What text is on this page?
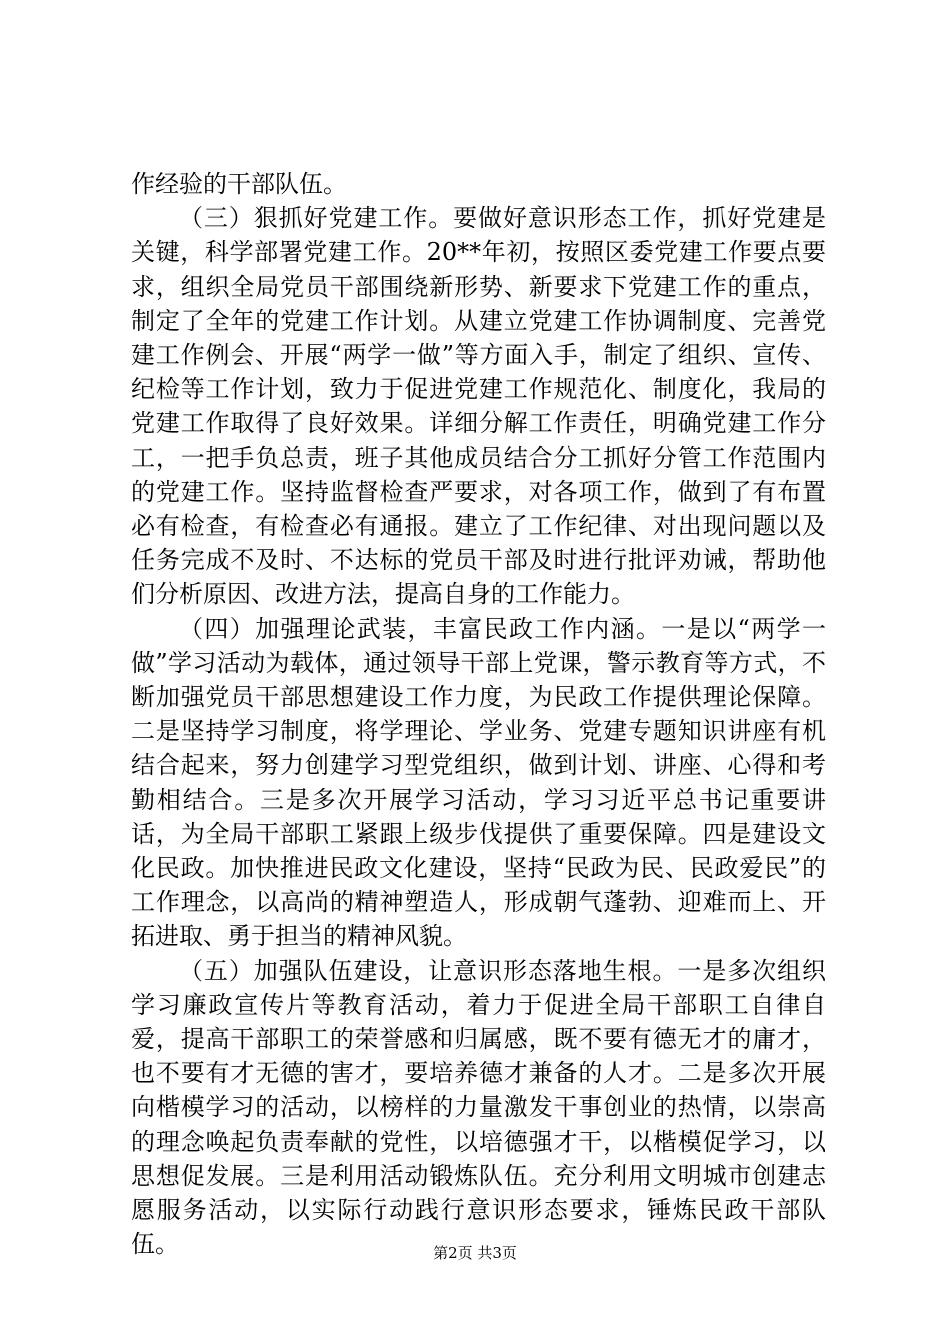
作经验的干部队伍。

（三）狠抓好党建工作。要做好意识形态工作，抓好党建是关键，科学部署党建工作。20**年初，按照区委党建工作要点要求，组织全局党员干部围绕新形势、新要求下党建工作的重点，制定了全年的党建工作计划。从建立党建工作协调制度、完善党建工作例会、开展“两学一做”等方面入手，制定了组织、宣传、纪检等工作计划，致力于促进党建工作规范化、制度化，我局的党建工作取得了良好效果。详细分解工作责任，明确党建工作分工，一把手负总责，班子其他成员结合分工抓好分管工作范围内的党建工作。坚持监督检查严要求，对各项工作，做到了有布置必有检查，有检查必有通报。建立了工作纪律、对出现问题以及任务完成不及时、不达标的党员干部及时进行批评劝诫，帮助他们分析原因、改进方法，提高自身的工作能力。

（四）加强理论武装，丰富民政工作内涵。一是以“两学一做”学习活动为载体，通过领导干部上党课，警示教育等方式，不断加强党员干部思想建设工作力度，为民政工作提供理论保障。二是坚持学习制度，将学理论、学业务、党建专题知识讲座有机结合起来，努力创建学习型党组织，做到计划、讲座、心得和考勤相结合。三是多次开展学习活动，学习习近平总书记重要讲话，为全局干部职工紧跟上级步伐提供了重要保障。四是建设文化民政。加快推进民政文化建设，坚持“民政为民、民政爱民”的工作理念，以高尚的精神塑造人，形成朝气蓬勃、迎难而上、开拓进取、勇于担当的精神风貌。

（五）加强队伍建设，让意识形态落地生根。一是多次组织学习廉政宣传片等教育活动，着力于促进全局干部职工自律自爱，提高干部职工的荣誉感和归属感，既不要有德无才的庸才，也不要有才无德的害才，要培养德才兼备的人才。二是多次开展向楷模学习的活动，以榜样的力量激发干事创业的热情，以崇高的理念唤起负责奉献的党性，以培德强才干，以楷模促学习，以思想促发展。三是利用活动锻炼队伍。充分利用文明城市创建志愿服务活动，以实际行动践行意识形态要求，锤炼民政干部队伍。	第2页 共3页
